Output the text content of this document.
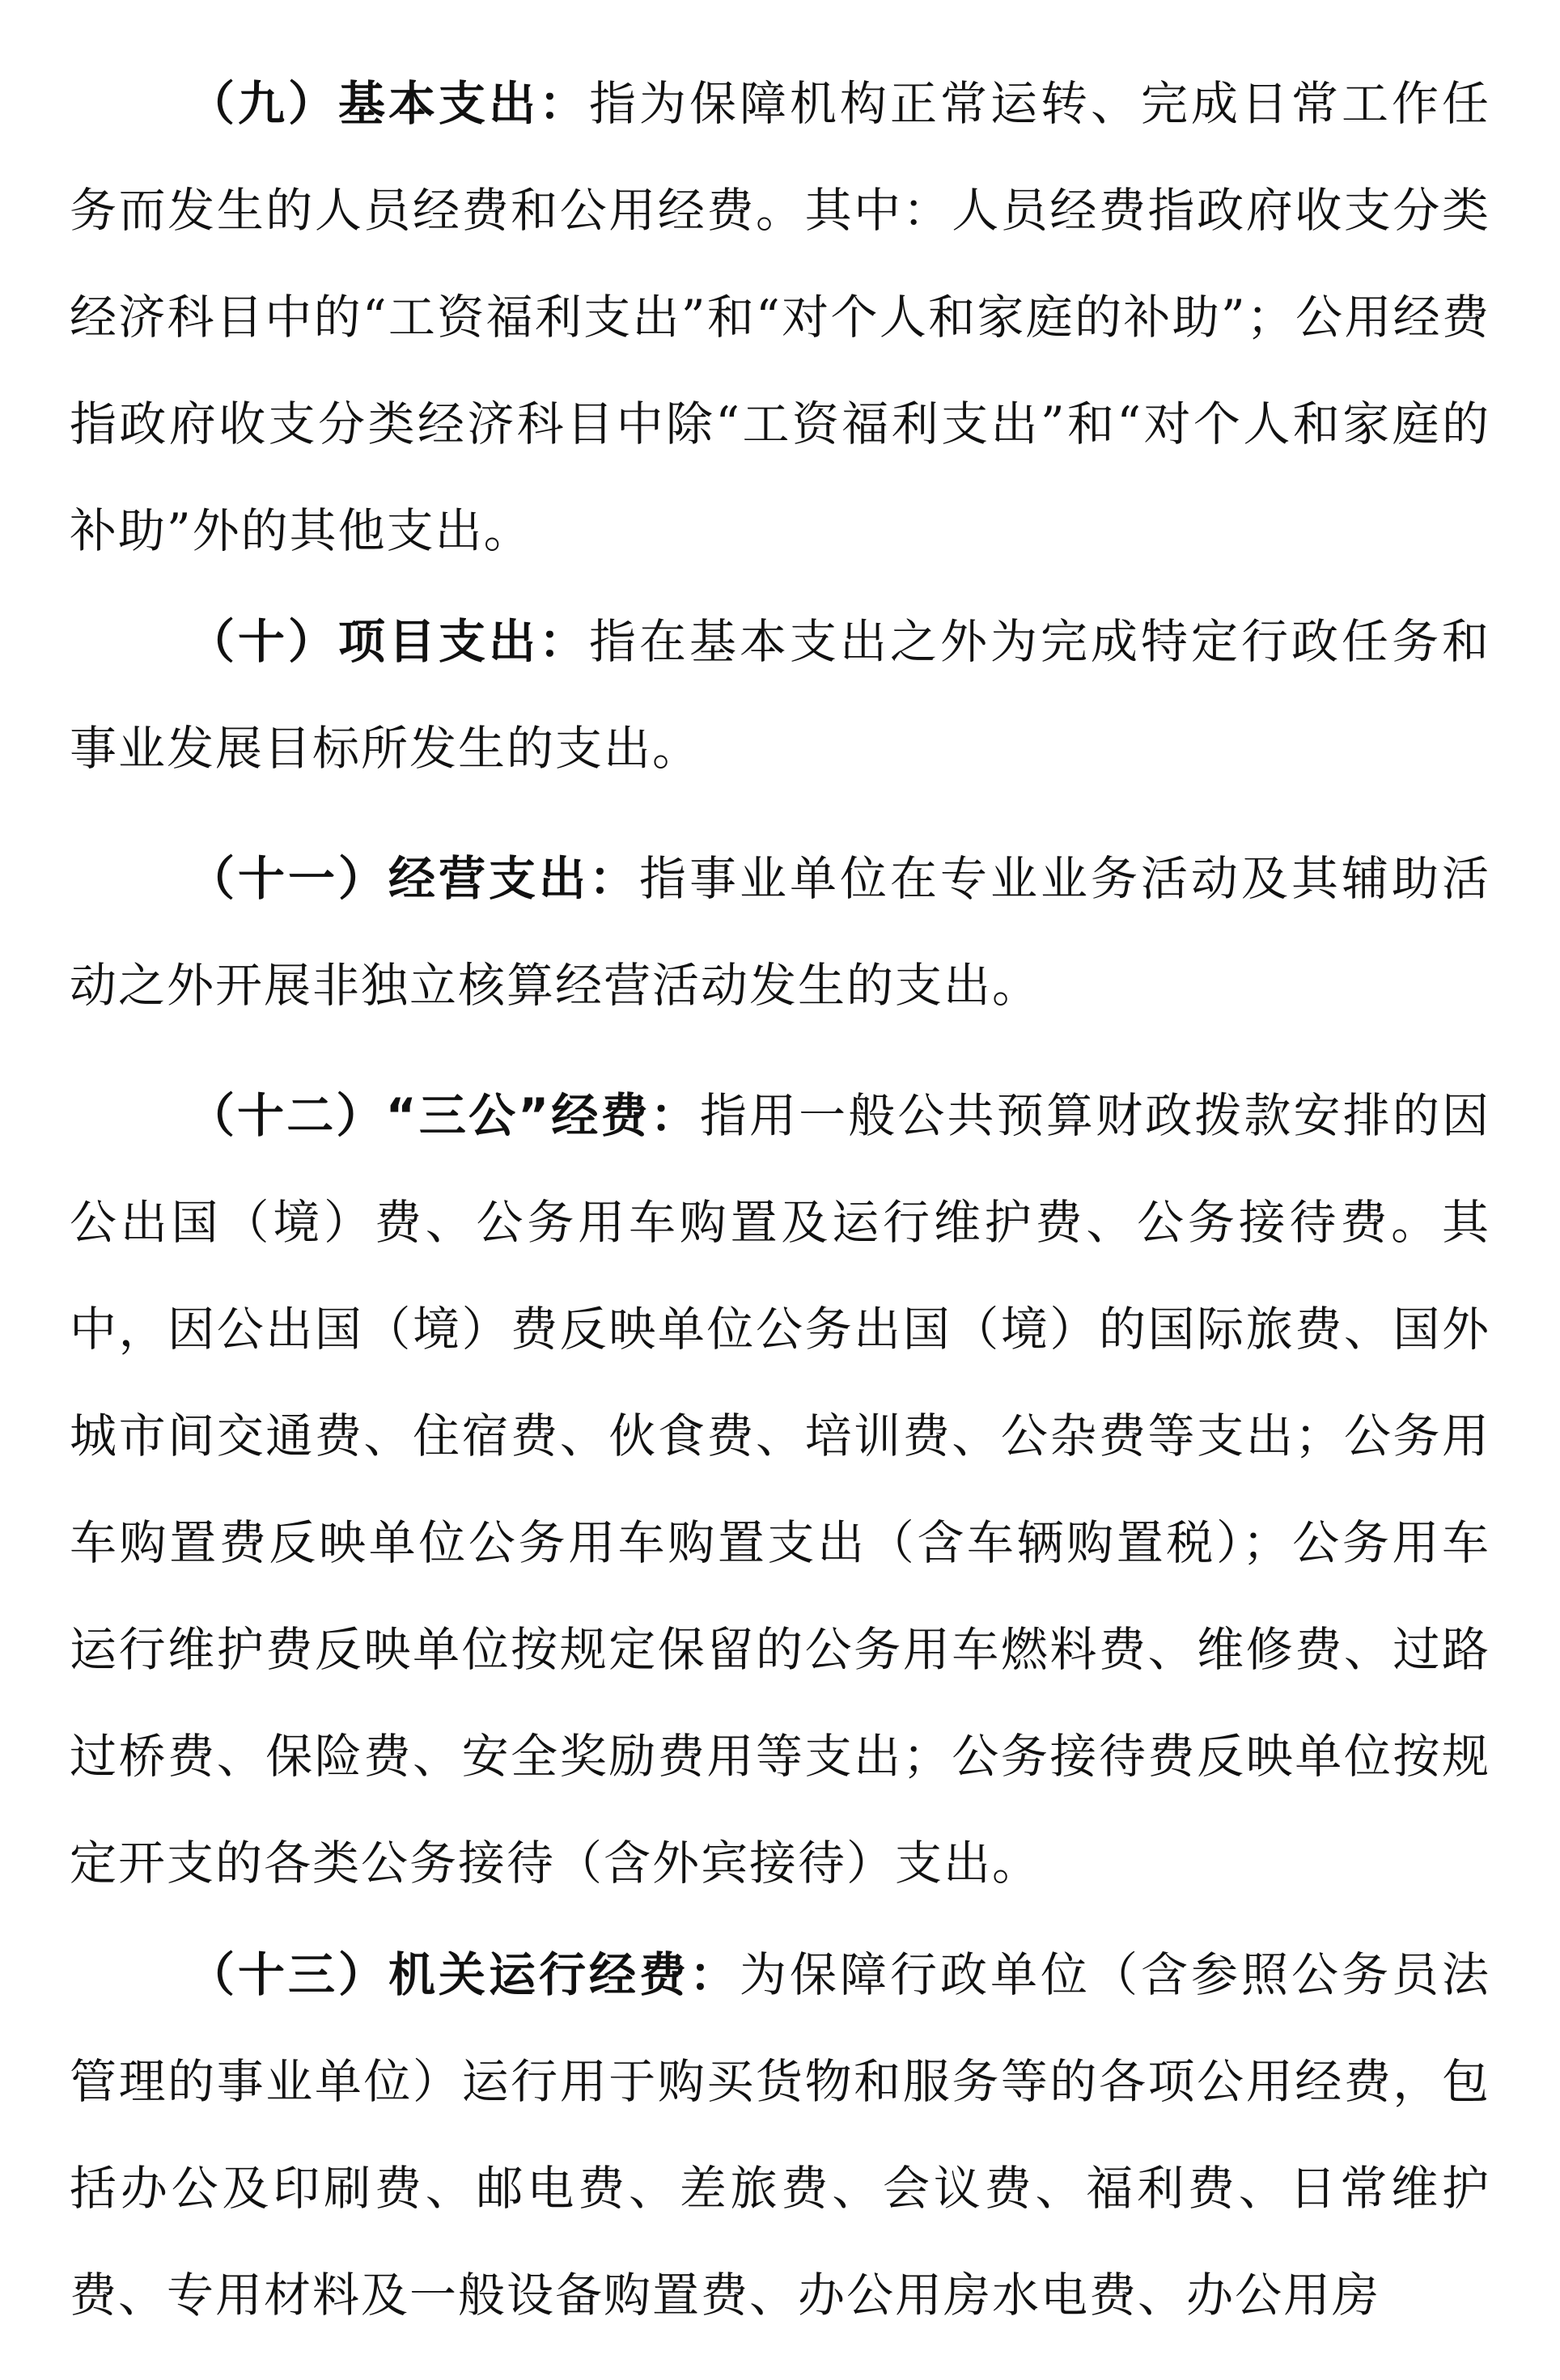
（九）基本支出：指为保障机构正常运转、完成日常工作任务而发生的人员经费和公用经费。其中：人员经费指政府收支分类经济科目中的“工资福利支出”和“对个人和家庭的补助”；公用经费指政府收支分类经济科目中除“工资福利支出”和“对个人和家庭的补助”外的其他支出。

（十）项目支出：指在基本支出之外为完成特定行政任务和事业发展目标所发生的支出。

（十一）经营支出：指事业单位在专业业务活动及其辅助活动之外开展非独立核算经营活动发生的支出。

（十二）“三公”经费：指用一般公共预算财政拨款安排的因公出国（境）费、公务用车购置及运行维护费、公务接待费。其中，因公出国（境）费反映单位公务出国（境）的国际旅费、国外城市间交通费、住宿费、伙食费、培训费、公杂费等支出；公务用车购置费反映单位公务用车购置支出（含车辆购置税）；公务用车运行维护费反映单位按规定保留的公务用车燃料费、维修费、过路过桥费、保险费、安全奖励费用等支出；公务接待费反映单位按规定开支的各类公务接待（含外宾接待）支出。

（十三）机关运行经费：为保障行政单位（含参照公务员法管理的事业单位）运行用于购买货物和服务等的各项公用经费，包括办公及印刷费、邮电费、差旅费、会议费、福利费、日常维护费、专用材料及一般设备购置费、办公用房水电费、办公用房
